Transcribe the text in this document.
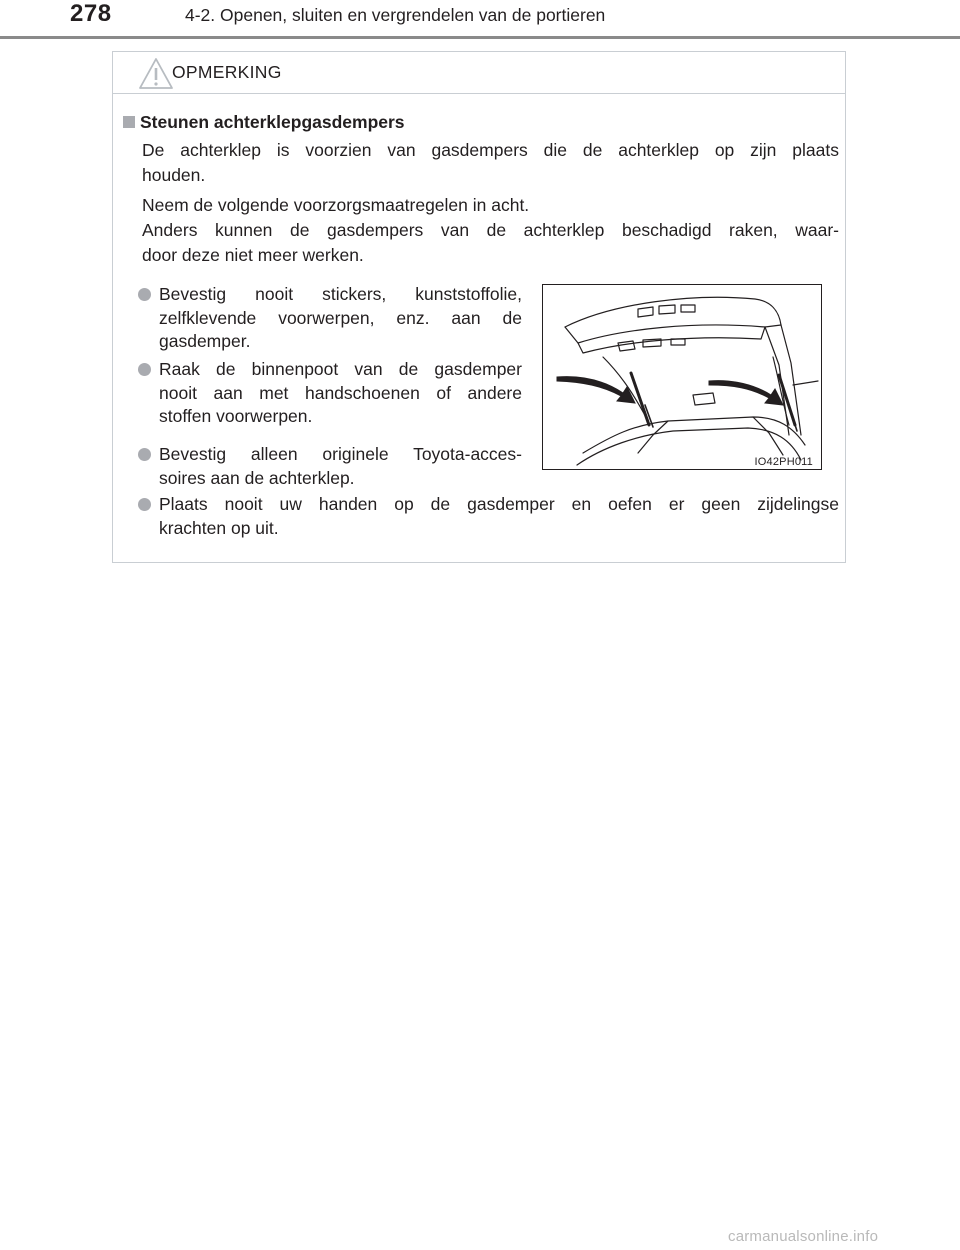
278	4-2. Openen, sluiten en vergrendelen van de portieren
OPMERKING
Steunen achterklepgasdempers

De achterklep is voorzien van gasdempers die de achterklep op zijn plaats
houden.

Neem de volgende voorzorgsmaatregelen in acht.
Anders kunnen de gasdempers van de achterklep beschadigd raken, waar-
door deze niet meer werken.

Bevestig nooit stickers, kunststoffolie,
zelfklevende voorwerpen, enz. aan de
gasdemper.
Raak de binnenpoot van de gasdemper
nooit aan met handschoenen of andere
stoffen voorwerpen.
Bevestig alleen originele Toyota-acces-
soires aan de achterklep.
IO42PH011
Plaats nooit uw handen op de gasdemper en oefen er geen zijdelingse
krachten op uit.
carmanualsonline.info
